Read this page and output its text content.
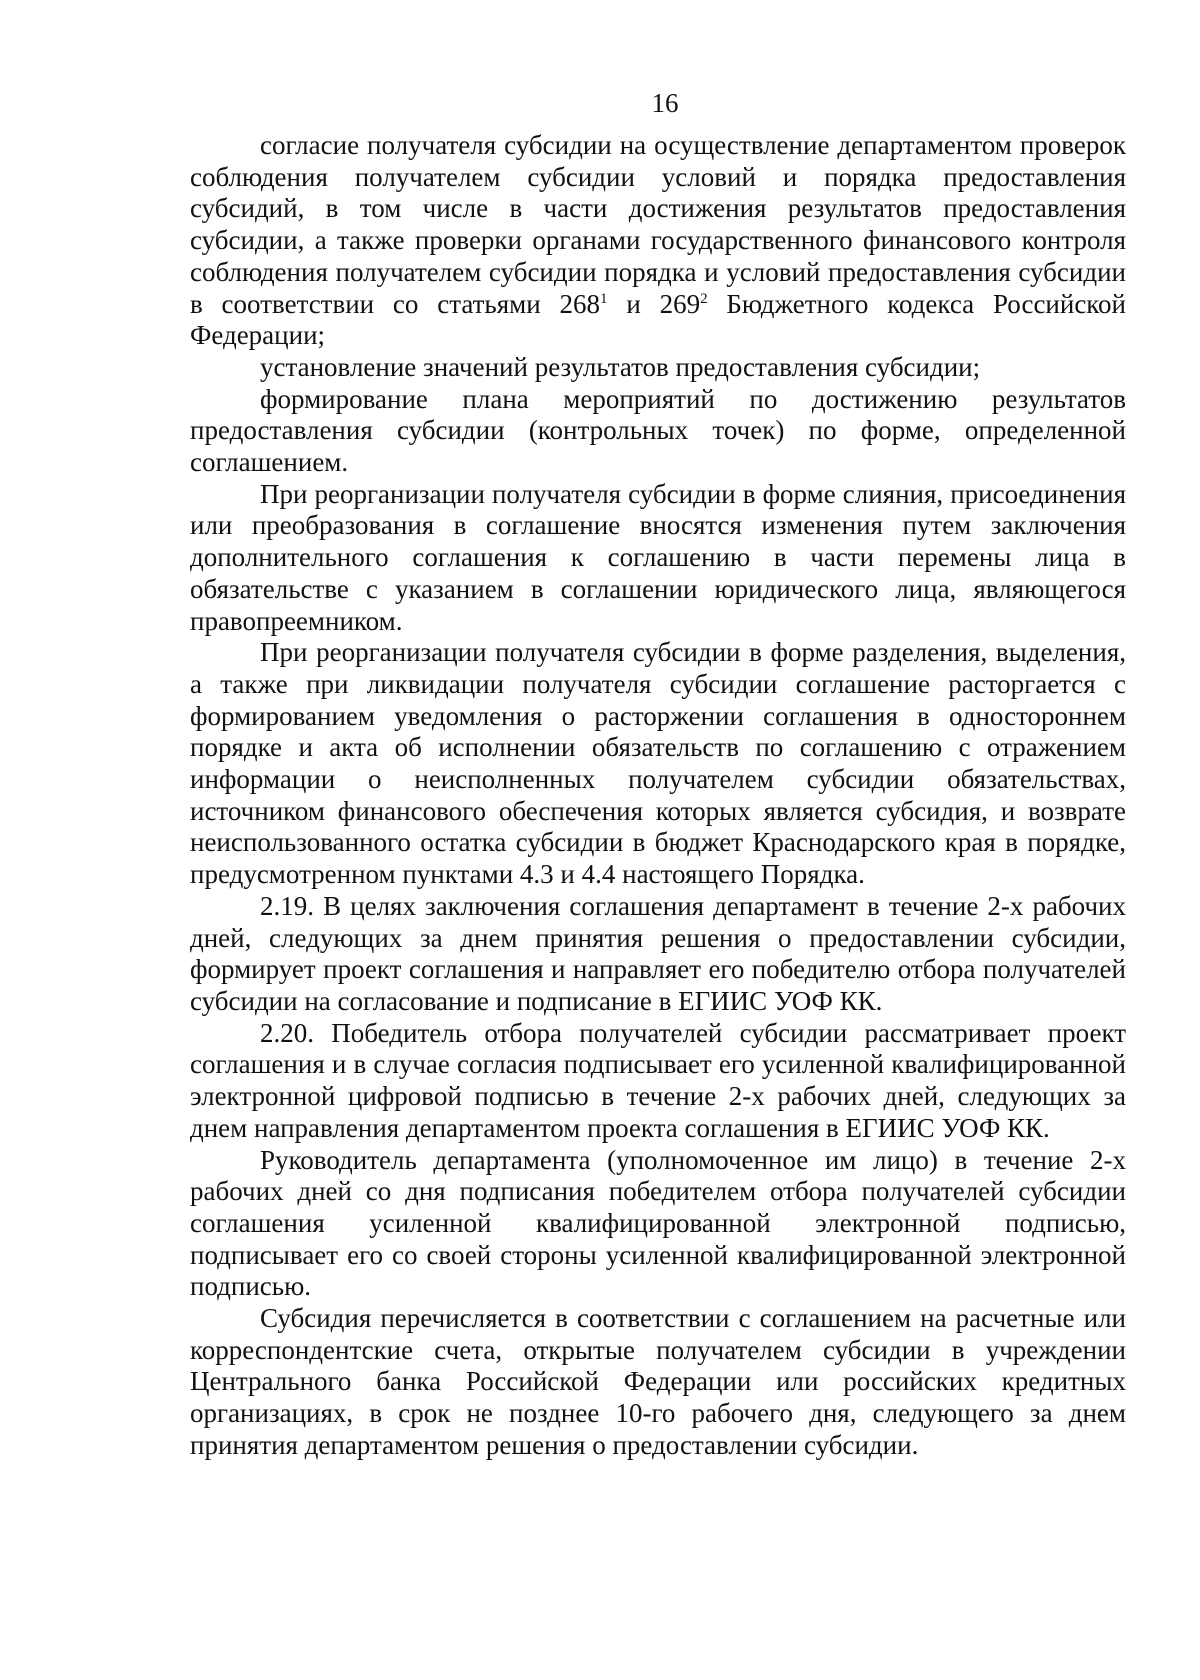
16

согласие получателя субсидии на осуществление департаментом проверок соблюдения получателем субсидии условий и порядка предоставления субсидий, в том числе в части достижения результатов предоставления субсидии, а также проверки органами государственного финансового контроля соблюдения получателем субсидии порядка и условий предоставления субсидии в соответствии со статьями $268^1$ и $269^2$ Бюджетного кодекса Российской Федерации;

установление значений результатов предоставления субсидии;

формирование плана мероприятий по достижению результатов предоставления субсидии (контрольных точек) по форме, определенной соглашением.

При реорганизации получателя субсидии в форме слияния, присоединения или преобразования в соглашение вносятся изменения путем заключения дополнительного соглашения к соглашению в части перемены лица в обязательстве с указанием в соглашении юридического лица, являющегося правопреемником.

При реорганизации получателя субсидии в форме разделения, выделения, а также при ликвидации получателя субсидии соглашение расторгается с формированием уведомления о расторжении соглашения в одностороннем порядке и акта об исполнении обязательств по соглашению с отражением информации о неисполненных получателем субсидии обязательствах, источником финансового обеспечения которых является субсидия, и возврате неиспользованного остатка субсидии в бюджет Краснодарского края в порядке, предусмотренном пунктами 4.3 и 4.4 настоящего Порядка.

2.19. В целях заключения соглашения департамент в течение 2-х рабочих дней, следующих за днем принятия решения о предоставлении субсидии, формирует проект соглашения и направляет его победителю отбора получателей субсидии на согласование и подписание в ЕГИИС УОФ КК.

2.20. Победитель отбора получателей субсидии рассматривает проект соглашения и в случае согласия подписывает его усиленной квалифицированной электронной цифровой подписью в течение 2-х рабочих дней, следующих за днем направления департаментом проекта соглашения в ЕГИИС УОФ КК.

Руководитель департамента (уполномоченное им лицо) в течение 2-х рабочих дней со дня подписания победителем отбора получателей субсидии соглашения усиленной квалифицированной электронной подписью, подписывает его со своей стороны усиленной квалифицированной электронной подписью.

Субсидия перечисляется в соответствии с соглашением на расчетные или корреспондентские счета, открытые получателем субсидии в учреждении Центрального банка Российской Федерации или российских кредитных организациях, в срок не позднее 10-го рабочего дня, следующего за днем принятия департаментом решения о предоставлении субсидии.
